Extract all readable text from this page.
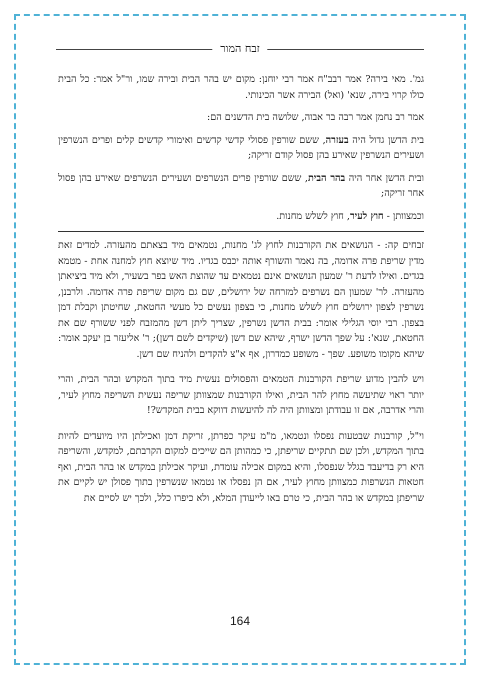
זבח המור

גמ'. מאי בירה? אמר רבב"ח אמר רבי יוחנן: מקום יש בהר הבית ובירה שמו, ור"ל אמר: כל הבית כולו קרוי בירה, שנא' (ואל) הבירה אשר הכינותי.

אמר רב נחמן אמר רבה בר אבוה, שלושה בית הדשנים הם:

בית הדשן גדול היה בעזרה, ששם שורפין פסולי קדשי קדשים ואימורי קדשים קלים ופרים הנשרפין ושעירים הנשרפין שאירע בהן פסול קודם זריקה;

ובית הדשן אחר היה בהר הבית, ששם שורפין פרים הנשרפים ושעירים הנשרפים שאירע בהן פסול אחר זריקה;

וכמצוותן - חוץ לעיר, חוץ לשלש מחנות.

זבחים קה: - הנושאים את הקורבנות לחוץ לג' מחנות, נטמאים מיד בצאתם מהעזרה. למדים זאת מדין שריפת פרה אדומה, בה נאמר והשורף אותה יכבס בגדיו. מיד שיוצא חוץ למחנה אחת - מטמא בגדים. ואילו לדעת ר' שמעון הנושאים אינם נטמאים עד שהוצת האש בפר בשעיר, ולא מיד ביציאתן מהעזרה. לר' שמעון הם נשרפים למזרחה של ירושלים, שם גם מקום שריפת פרה אדומה. ולרבנן, נשרפין לצפון ירושלים חוץ לשלש מחנות, כי בצפון נעשים כל מעשי החטאת, שחיטתן וקבלת דמן בצפון. רבי יוסי הגלילי אומר: בבית הדשן נשרפין, שצריך ליתן דשן מהמזבח לפני ששורף שם את החטאת, שנא': על שפך הדשן ישרף, שיהא שם דשן (שיקדים לשם דשן); ר' אליעזר בן יעקב אומר: שיהא מקומו משופע. שפך - משופע כמדרון, אף א"צ להקדים ולהניח שם דשן.

ויש להבין מדוע שריפת הקורבנות הטמאים והפסולים נעשית מיד בתוך המקדש ובהר הבית, והרי יותר ראוי שתיעשה מחוץ להר הבית, ואילו הקורבנות שמצוותן שריפה נעשית השריפה מחוץ לעיר, והרי אדרבה, אם זו עבודתן ומצוותן היה לה להיעשות דווקא בבית המקדש?!

וי"ל, קורבנות שבטעות נפסלו ונטמאו, מ"מ עיקר כפרתן, זריקת דמן ואכילתן היו מיועדים להיות בתוך המקדש, ולכן שם תתקיים שריפתן, כי כמהותן הם שייכים למקום הקרבתם, למקדש, והשריפה היא רק בדיעבד בגלל שנפסלו, והיא במקום אכילה עומדת, ועיקר אכילתן במקדש או בהר הבית, ואף חטאות הנשרפות כמצוותן מחוץ לעיר, אם הן נפסלו או נטמאו שנשרפין בתוך פסולן יש לקיים את שריפתן במקדש או בהר הבית, כי טרם באו לייעודן המלא, ולא כיפרו כלל, ולכך יש לסיים את

164
